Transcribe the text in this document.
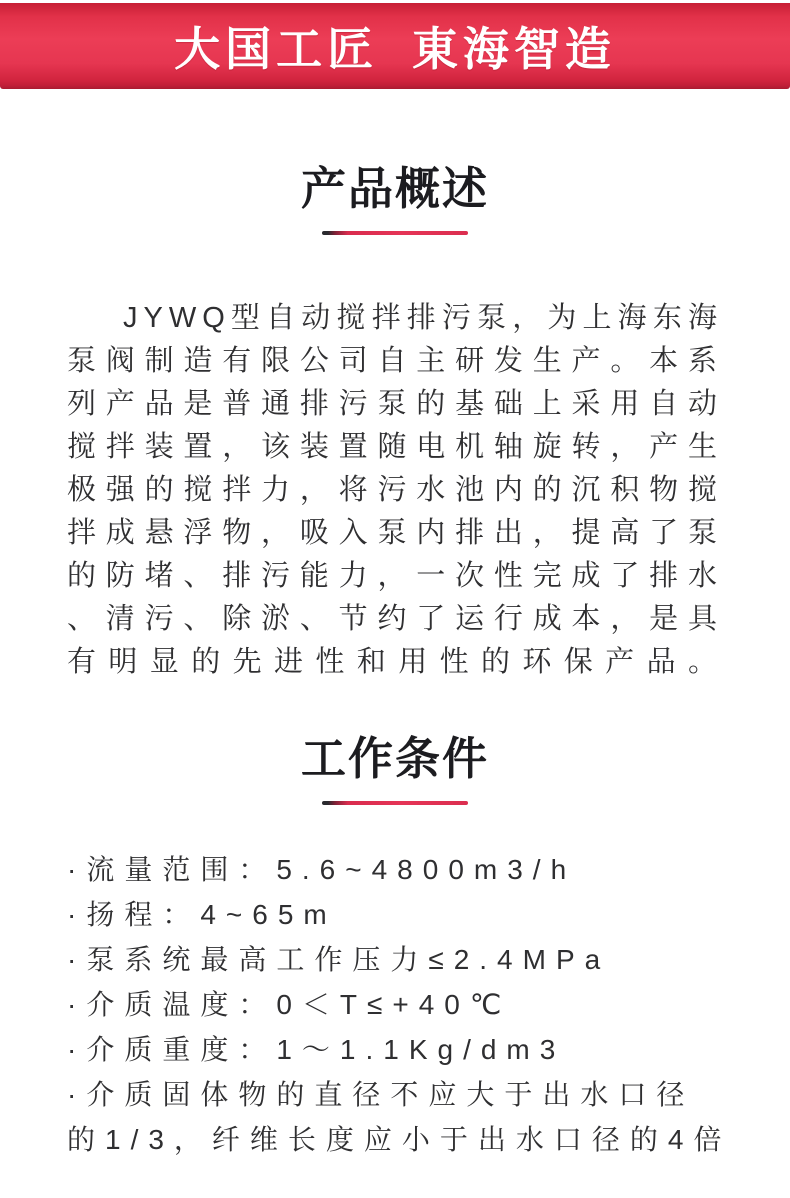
大国工匠 東海智造
产品概述
JYWQ型自动搅拌排污泵，为上海东海
泵阀制造有限公司自主研发生产。本系
列产品是普通排污泵的基础上采用自动
搅拌装置，该装置随电机轴旋转，产生
极强的搅拌力，将污水池内的沉积物搅
拌成悬浮物，吸入泵内排出，提高了泵
的防堵、排污能力，一次性完成了排水
、清污、除淤、节约了运行成本，是具
有明显的先进性和用性的环保产品。
工作条件
·流量范围：5.6~4800m3/h
·扬程：4~65m
·泵系统最高工作压力≤2.4MPa
·介质温度：0＜T≤+40℃
·介质重度：1～1.1Kg/dm3
·介质固体物的直径不应大于出水口径
的1/3，纤维长度应小于出水口径的4倍
